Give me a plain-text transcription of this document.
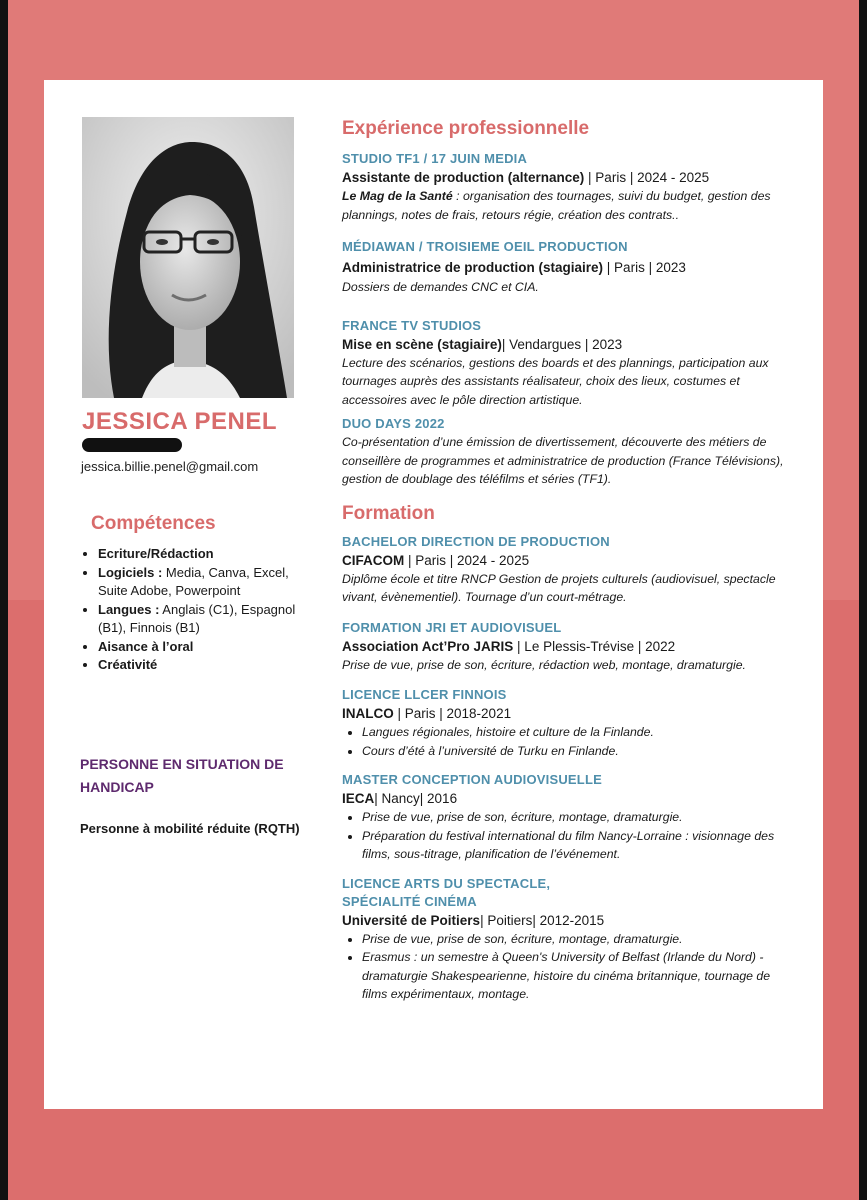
JESSICA PENEL
jessica.billie.penel@gmail.com
Compétences
• Ecriture/Rédaction
• Logiciels : Media, Canva, Excel, Suite Adobe, Powerpoint
• Langues : Anglais (C1), Espagnol (B1), Finnois (B1)
• Aisance à l’oral
• Créativité
PERSONNE EN SITUATION DE HANDICAP
Personne à mobilité réduite (RQTH)
Expérience professionnelle
STUDIO TF1 / 17 JUIN MEDIA
Assistante de production (alternance) | Paris | 2024 - 2025
Le Mag de la Santé : organisation des tournages, suivi du budget, gestion des plannings, notes de frais, retours régie, création des contrats..
MÉDIAWAN / TROISIEME OEIL PRODUCTION
Administratrice de production (stagiaire) | Paris | 2023
Dossiers de demandes CNC et CIA.
FRANCE TV STUDIOS
Mise en scène (stagiaire)| Vendargues | 2023
Lecture des scénarios, gestions des boards et des plannings, participation aux tournages auprès des assistants réalisateur, choix des lieux, costumes et accessoires avec le pôle direction artistique.
DUO DAYS 2022
Co-présentation d’une émission de divertissement, découverte des métiers de conseillère de programmes et administratrice de production (France Télévisions), gestion de doublage des téléfilms et séries (TF1).
Formation
BACHELOR DIRECTION DE PRODUCTION
CIFACOM | Paris | 2024 - 2025
Diplôme école et titre RNCP Gestion de projets culturels (audiovisuel, spectacle vivant, évènementiel). Tournage d’un court-métrage.
FORMATION JRI ET AUDIOVISUEL
Association Act’Pro JARIS | Le Plessis-Trévise | 2022
Prise de vue, prise de son, écriture, rédaction web, montage, dramaturgie.
LICENCE LLCER FINNOIS
INALCO | Paris | 2018-2021
• Langues régionales, histoire et culture de la Finlande.
• Cours d’été à l’université de Turku en Finlande.
MASTER CONCEPTION AUDIOVISUELLE
IECA| Nancy| 2016
• Prise de vue, prise de son, écriture, montage, dramaturgie.
• Préparation du festival international du film Nancy-Lorraine : visionnage des films, sous-titrage, planification de l’événement.
LICENCE ARTS DU SPECTACLE,
SPÉCIALITÉ CINÉMA
Université de Poitiers| Poitiers| 2012-2015
• Prise de vue, prise de son, écriture, montage, dramaturgie.
• Erasmus : un semestre à Queen's University of Belfast (Irlande du Nord) - dramaturgie Shakespearienne, histoire du cinéma britannique, tournage de films expérimentaux, montage.
